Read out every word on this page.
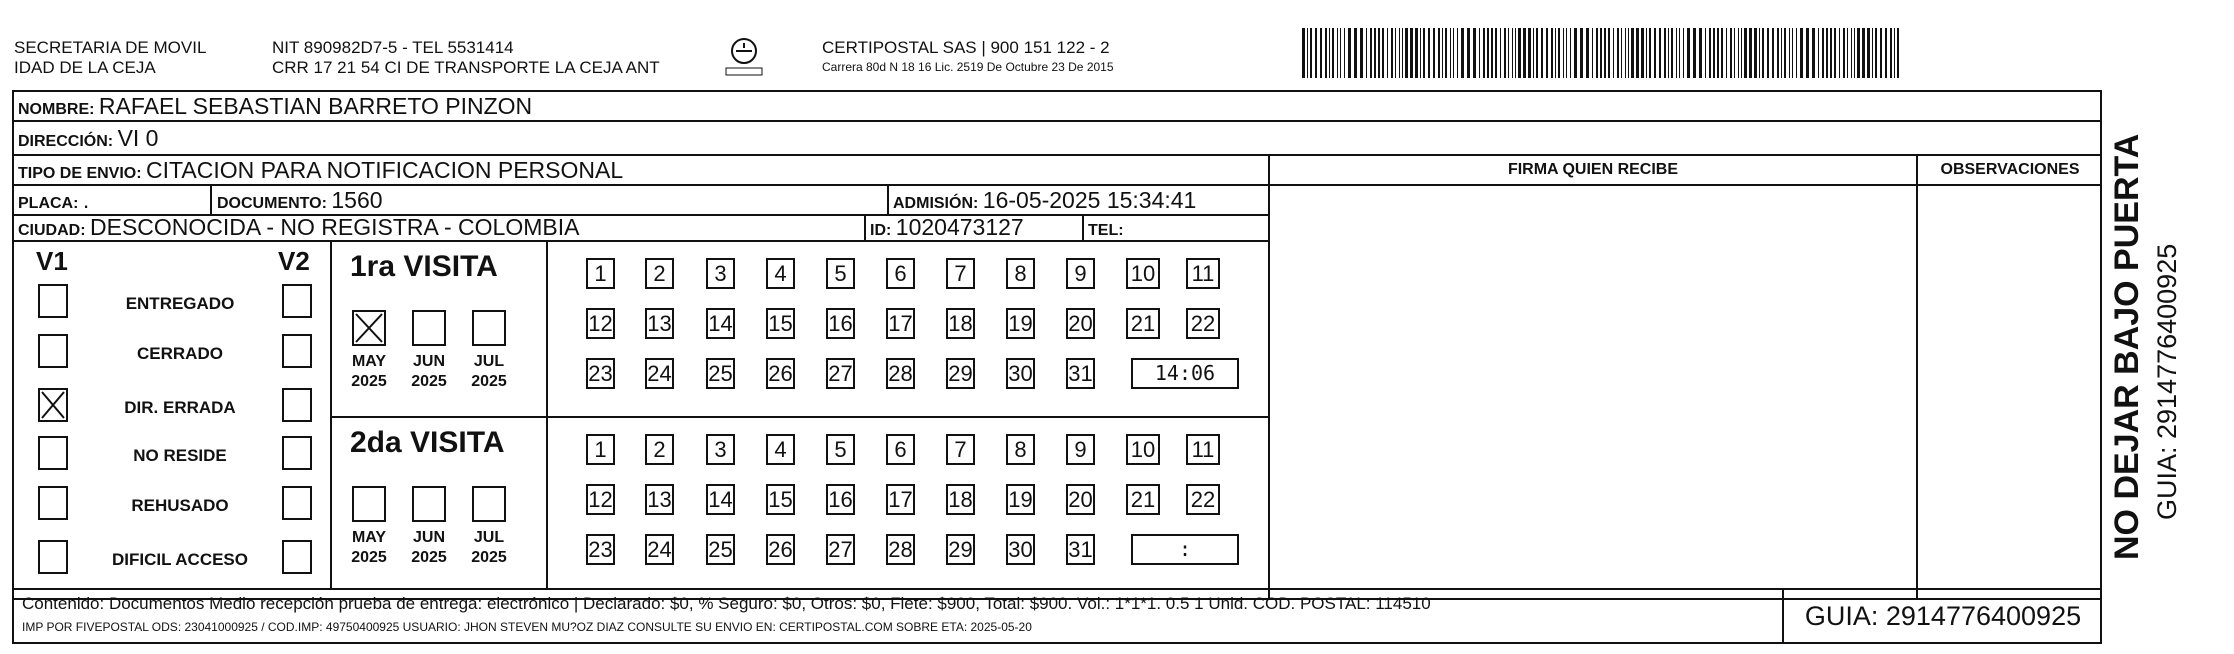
SECRETARIA DE MOVIL
IDAD DE LA CEJA
NIT 890982D7-5 - TEL 5531414
CRR 17 21 54 CI DE TRANSPORTE LA CEJA ANT
CERTIPOSTAL SAS | 900 151 122 - 2
Carrera 80d N 18 16 Lic. 2519 De Octubre 23 De 2015
NOMBRE: RAFAEL SEBASTIAN BARRETO PINZON
DIRECCIÓN: VI 0
TIPO DE ENVIO: CITACION PARA NOTIFICACION PERSONAL
PLACA: .	DOCUMENTO: 1560	ADMISIÓN: 16-05-2025 15:34:41
CIUDAD: DESCONOCIDA - NO REGISTRA - COLOMBIA	ID: 1020473127	TEL:
FIRMA QUIEN RECIBE	OBSERVACIONES
V1	V2
ENTREGADO
CERRADO
DIR. ERRADA
NO RESIDE
REHUSADO
DIFICIL ACCESO
1ra VISITA
MAY
2025
JUN
2025
JUL
2025
1 2 3 4 5 6 7 8 9 10 11
12 13 14 15 16 17 18 19 20 21 22
23 24 25 26 27 28 29 30 31	14:06
2da VISITA
MAY
2025
JUN
2025
JUL
2025
1 2 3 4 5 6 7 8 9 10 11
12 13 14 15 16 17 18 19 20 21 22
23 24 25 26 27 28 29 30 31	:
Contenido: Documentos Medio recepción prueba de entrega: electrónico | Declarado: $0, % Seguro: $0, Otros: $0, Flete: $900, Total: $900. Vol.: 1*1*1. 0.5 1 Unid. COD. POSTAL: 114510
IMP POR FIVEPOSTAL ODS: 23041000925 / COD.IMP: 49750400925 USUARIO: JHON STEVEN MU?OZ DIAZ CONSULTE SU ENVIO EN: CERTIPOSTAL.COM SOBRE ETA: 2025-05-20	GUIA: 2914776400925
NO DEJAR BAJO PUERTA GUIA: 2914776400925
